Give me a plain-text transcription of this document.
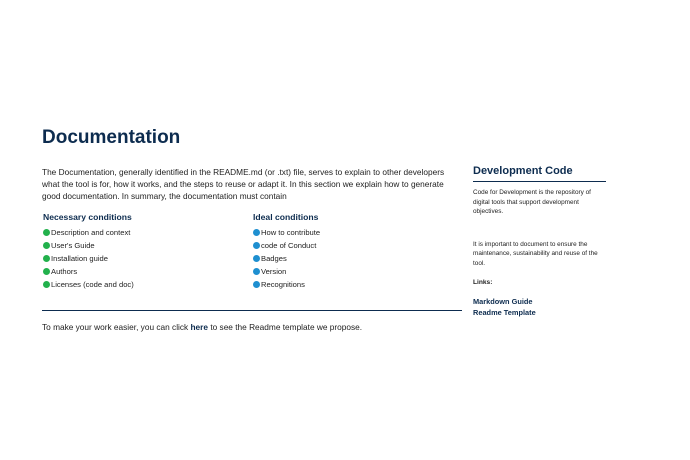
Documentation

The Documentation, generally identified in the README.md (or .txt) file, serves to explain to other developers what the tool is for, how it works, and the steps to reuse or adapt it. In this section we explain how to generate good documentation. In summary, the documentation must contain

Necessary conditions
Description and context
User's Guide
Installation guide
Authors
Licenses (code and doc)
Ideal conditions
How to contribute
code of Conduct
Badges
Version
Recognitions

To make your work easier, you can click here to see the Readme template we propose.

Development Code

Code for Development is the repository of digital tools that support development objectives.

It is important to document to ensure the maintenance, sustainability and reuse of the tool.

Links:
Markdown Guide
Readme Template
